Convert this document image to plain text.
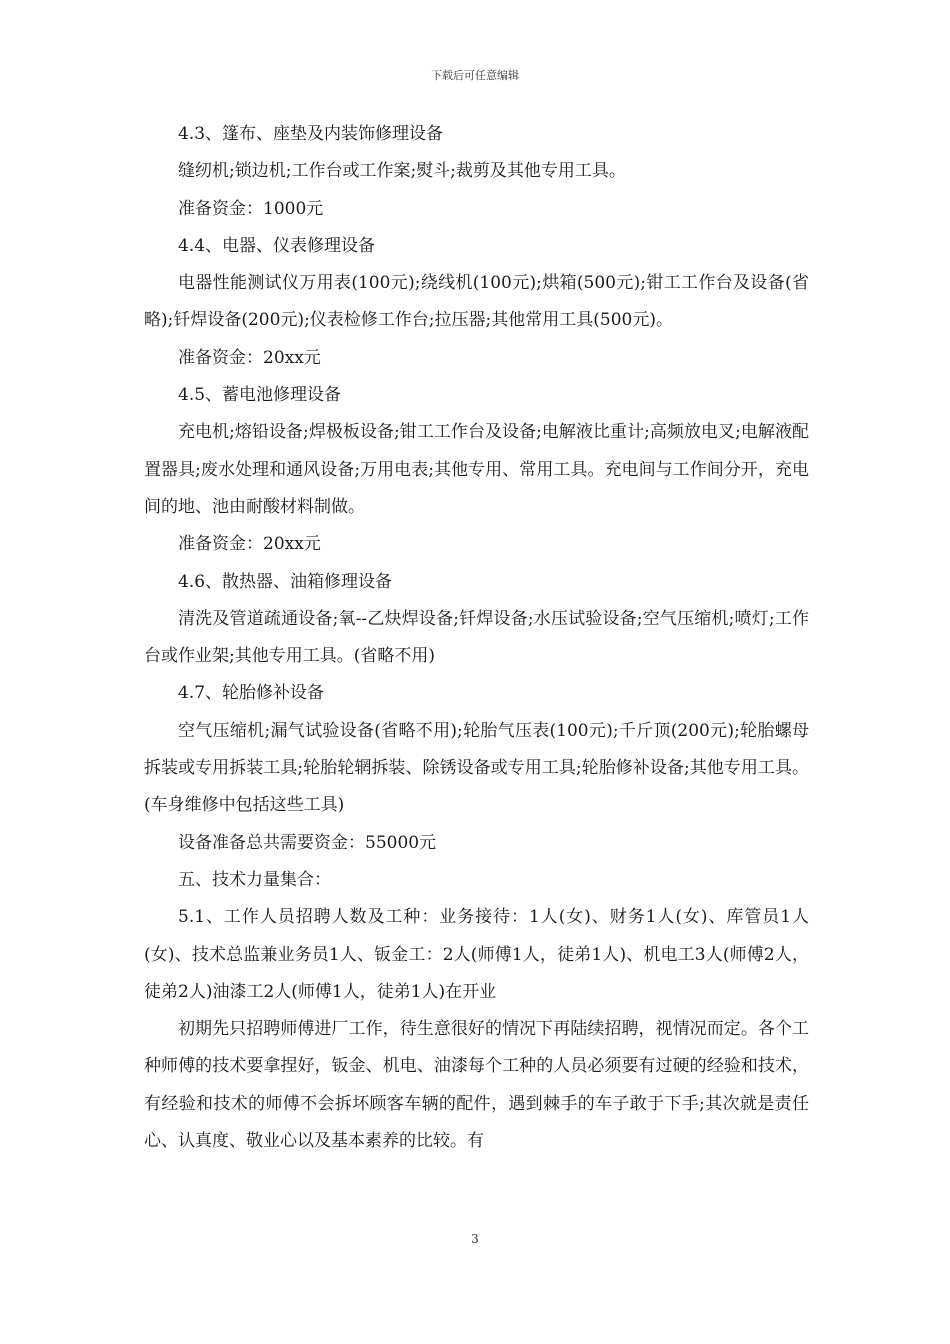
下载后可任意编辑

4.3、篷布、座垫及内装饰修理设备

缝纫机;锁边机;工作台或工作案;熨斗;裁剪及其他专用工具。

准备资金：1000元

4.4、电器、仪表修理设备

电器性能测试仪万用表(100元);绕线机(100元);烘箱(500元);钳工工作台及设备(省略);钎焊设备(200元);仪表检修工作台;拉压器;其他常用工具(500元)。

准备资金：20xx元

4.5、蓄电池修理设备

充电机;熔铅设备;焊极板设备;钳工工作台及设备;电解液比重计;高频放电叉;电解液配置器具;废水处理和通风设备;万用电表;其他专用、常用工具。充电间与工作间分开，充电间的地、池由耐酸材料制做。

准备资金：20xx元

4.6、散热器、油箱修理设备

清洗及管道疏通设备;氧--乙炔焊设备;钎焊设备;水压试验设备;空气压缩机;喷灯;工作台或作业架;其他专用工具。(省略不用)

4.7、轮胎修补设备

空气压缩机;漏气试验设备(省略不用);轮胎气压表(100元);千斤顶(200元);轮胎螺母拆装或专用拆装工具;轮胎轮辋拆装、除锈设备或专用工具;轮胎修补设备;其他专用工具。(车身维修中包括这些工具)

设备准备总共需要资金：55000元

五、技术力量集合：

5.1、工作人员招聘人数及工种：业务接待：1人(女)、财务1人(女)、库管员1人(女)、技术总监兼业务员1人、钣金工：2人(师傅1人，徒弟1人)、机电工3人(师傅2人，徒弟2人)油漆工2人(师傅1人，徒弟1人)在开业

初期先只招聘师傅进厂工作，待生意很好的情况下再陆续招聘，视情况而定。各个工种师傅的技术要拿捏好，钣金、机电、油漆每个工种的人员必须要有过硬的经验和技术，有经验和技术的师傅不会拆坏顾客车辆的配件，遇到棘手的车子敢于下手;其次就是责任心、认真度、敬业心以及基本素养的比较。有

3
